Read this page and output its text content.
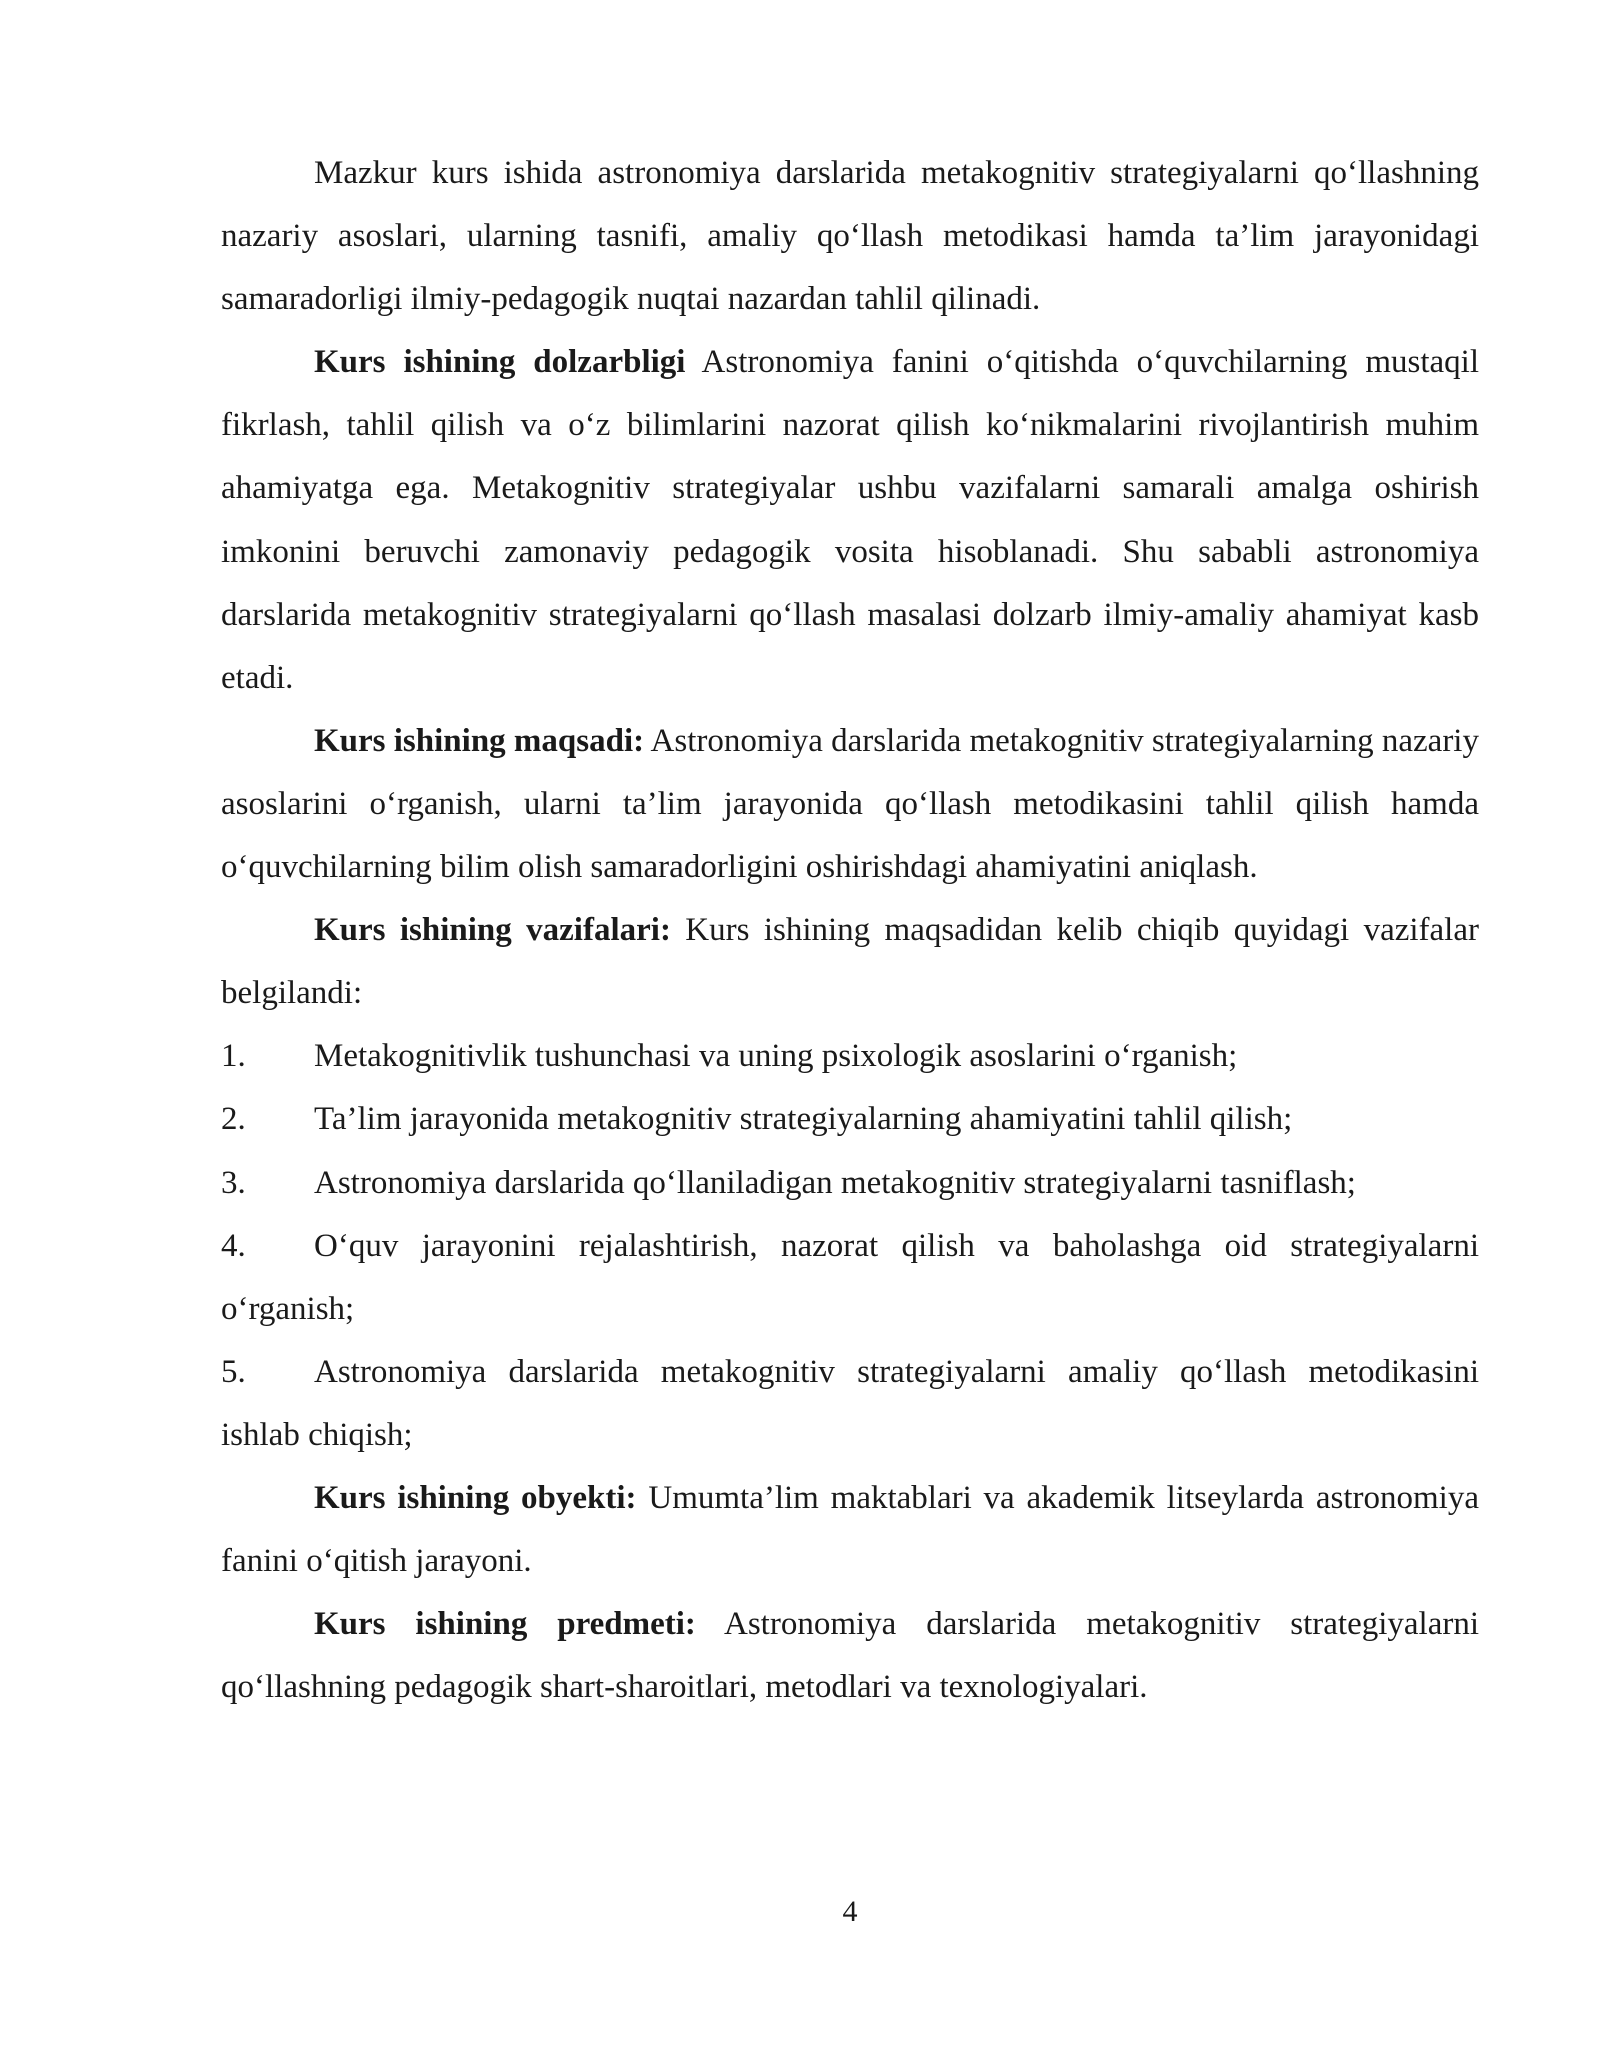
Mazkur kurs ishida astronomiya darslarida metakognitiv strategiyalarni qo‘llashning nazariy asoslari, ularning tasnifi, amaliy qo‘llash metodikasi hamda ta’lim jarayonidagi samaradorligi ilmiy-pedagogik nuqtai nazardan tahlil qilinadi.

Kurs ishining dolzarbligi Astronomiya fanini o‘qitishda o‘quvchilarning mustaqil fikrlash, tahlil qilish va o‘z bilimlarini nazorat qilish ko‘nikmalarini rivojlantirish muhim ahamiyatga ega. Metakognitiv strategiyalar ushbu vazifalarni samarali amalga oshirish imkonini beruvchi zamonaviy pedagogik vosita hisoblanadi. Shu sababli astronomiya darslarida metakognitiv strategiyalarni qo‘llash masalasi dolzarb ilmiy-amaliy ahamiyat kasb etadi.

Kurs ishining maqsadi: Astronomiya darslarida metakognitiv strategiyalarning nazariy asoslarini o‘rganish, ularni ta’lim jarayonida qo‘llash metodikasini tahlil qilish hamda o‘quvchilarning bilim olish samaradorligini oshirishdagi ahamiyatini aniqlash.

Kurs ishining vazifalari: Kurs ishining maqsadidan kelib chiqib quyidagi vazifalar belgilandi:

1. Metakognitivlik tushunchasi va uning psixologik asoslarini o‘rganish;

2. Ta’lim jarayonida metakognitiv strategiyalarning ahamiyatini tahlil qilish;

3. Astronomiya darslarida qo‘llaniladigan metakognitiv strategiyalarni tasniflash;

4. O‘quv jarayonini rejalashtirish, nazorat qilish va baholashga oid strategiyalarni o‘rganish;

5. Astronomiya darslarida metakognitiv strategiyalarni amaliy qo‘llash metodikasini ishlab chiqish;

Kurs ishining obyekti: Umumta’lim maktablari va akademik litseylarda astronomiya fanini o‘qitish jarayoni.

Kurs ishining predmeti: Astronomiya darslarida metakognitiv strategiyalarni qo‘llashning pedagogik shart-sharoitlari, metodlari va texnologiyalari.

4
